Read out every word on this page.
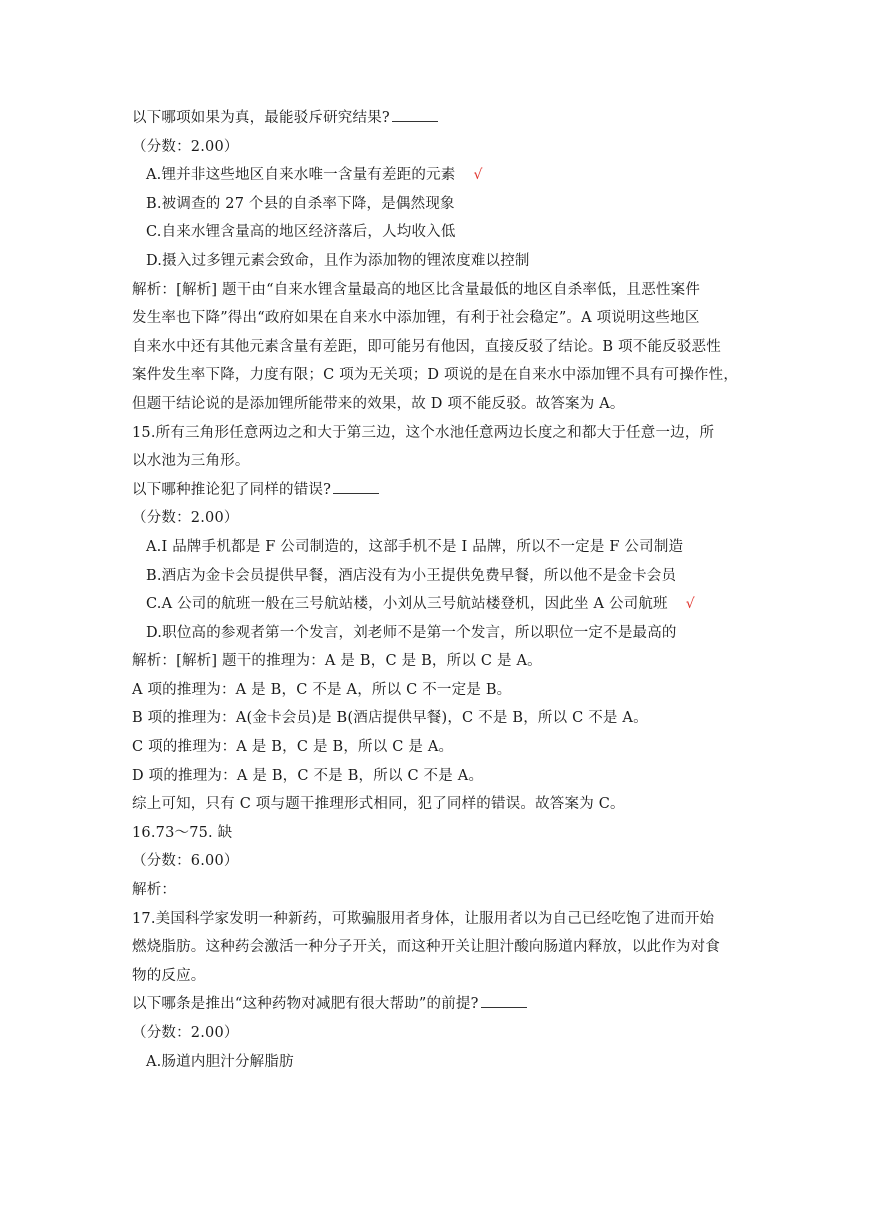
以下哪项如果为真，最能驳斥研究结果?
（分数：2.00）
A.锂并非这些地区自来水唯一含量有差距的元素 √
B.被调查的 27 个县的自杀率下降，是偶然现象
C.自来水锂含量高的地区经济落后，人均收入低
D.摄入过多锂元素会致命，且作为添加物的锂浓度难以控制
解析：[解析] 题干由“自来水锂含量最高的地区比含量最低的地区自杀率低，且恶性案件
发生率也下降”得出“政府如果在自来水中添加锂，有利于社会稳定”。A 项说明这些地区
自来水中还有其他元素含量有差距，即可能另有他因，直接反驳了结论。B 项不能反驳恶性
案件发生率下降，力度有限；C 项为无关项；D 项说的是在自来水中添加锂不具有可操作性，
但题干结论说的是添加锂所能带来的效果，故 D 项不能反驳。故答案为 A。
15.所有三角形任意两边之和大于第三边，这个水池任意两边长度之和都大于任意一边，所
以水池为三角形。
以下哪种推论犯了同样的错误?
（分数：2.00）
A.I 品牌手机都是 F 公司制造的，这部手机不是 I 品牌，所以不一定是 F 公司制造
B.酒店为金卡会员提供早餐，酒店没有为小王提供免费早餐，所以他不是金卡会员
C.A 公司的航班一般在三号航站楼，小刘从三号航站楼登机，因此坐 A 公司航班 √
D.职位高的参观者第一个发言，刘老师不是第一个发言，所以职位一定不是最高的
解析：[解析] 题干的推理为：A 是 B，C 是 B，所以 C 是 A。
A 项的推理为：A 是 B，C 不是 A，所以 C 不一定是 B。
B 项的推理为：A(金卡会员)是 B(酒店提供早餐)，C 不是 B，所以 C 不是 A。
C 项的推理为：A 是 B，C 是 B，所以 C 是 A。
D 项的推理为：A 是 B，C 不是 B，所以 C 不是 A。
综上可知，只有 C 项与题干推理形式相同，犯了同样的错误。故答案为 C。
16.73～75. 缺
（分数：6.00）
解析：
17.美国科学家发明一种新药，可欺骗服用者身体，让服用者以为自己已经吃饱了进而开始
燃烧脂肪。这种药会激活一种分子开关，而这种开关让胆汁酸向肠道内释放，以此作为对食
物的反应。
以下哪条是推出“这种药物对减肥有很大帮助”的前提?
（分数：2.00）
A.肠道内胆汁分解脂肪
